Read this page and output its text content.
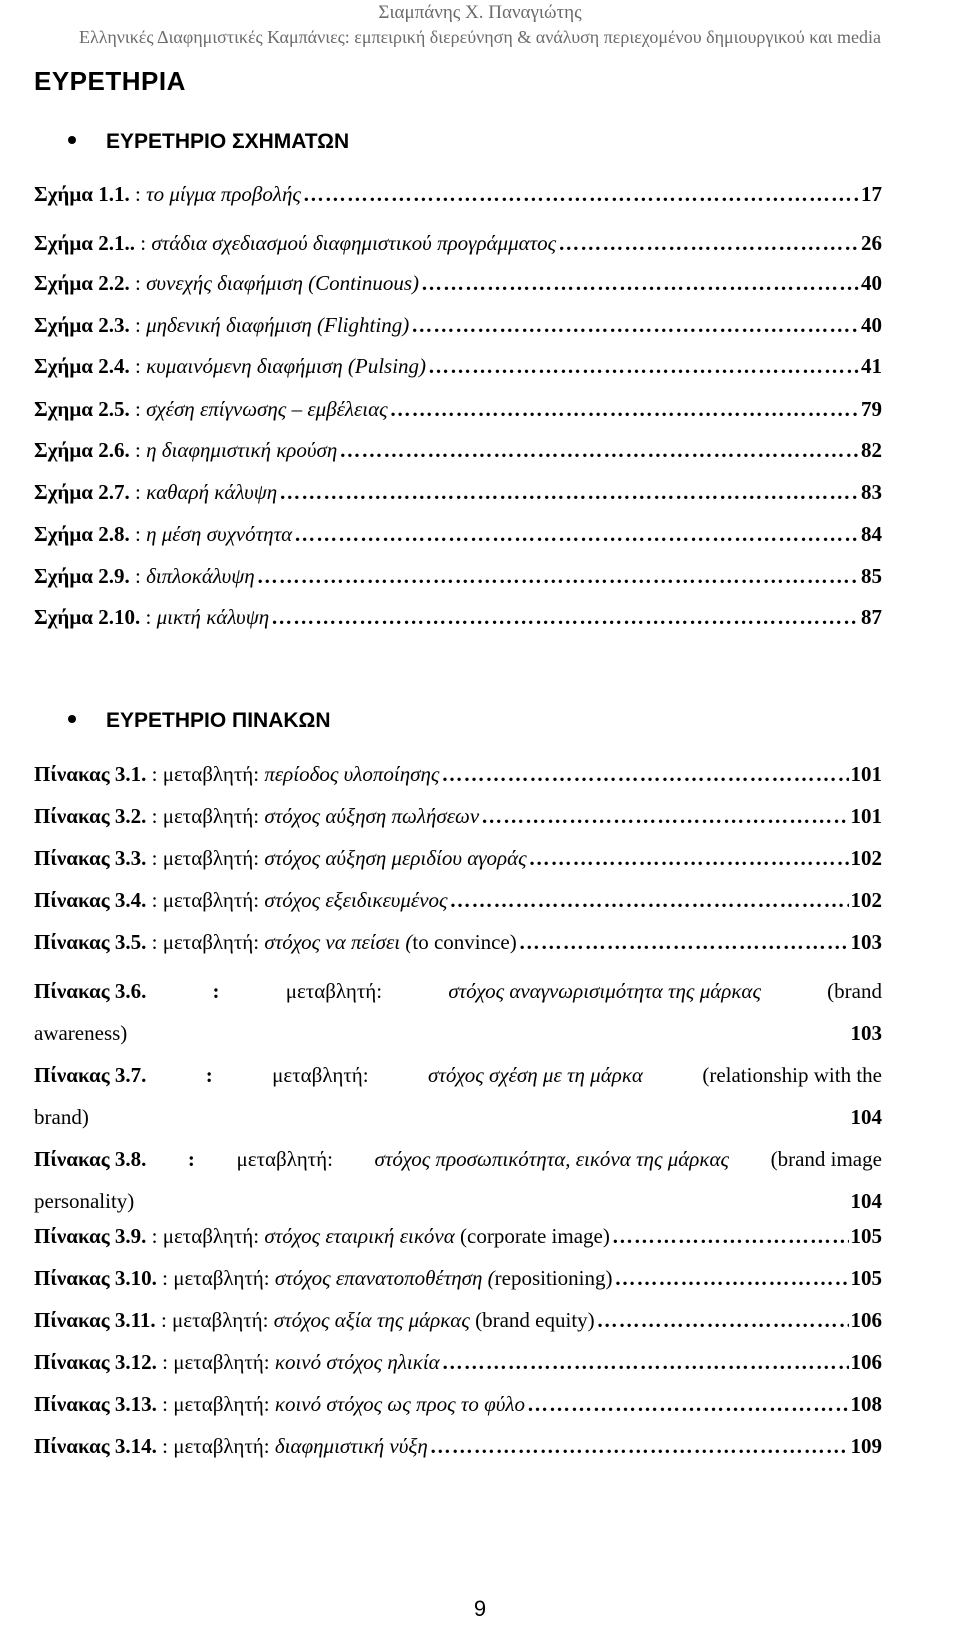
Σιαμπάνης Χ. Παναγιώτης
Ελληνικές Διαφημιστικές Καμπάνιες: εμπειρική διερεύνηση & ανάλυση περιεχομένου δημιουργικού και media
ΕΥΡΕΤΗΡΙΑ
ΕΥΡΕΤΗΡΙΟ ΣΧΗΜΑΤΩΝ
Σχήμα 1.1. : το μίγμα προβολής ……………………………………………………………………………………………………………………………………………………………………	17
Σχήμα 2.1.. : στάδια σχεδιασμού διαφημιστικού προγράμματος ……………………………………………………………………………………………………………………………………………………………………	26
Σχήμα 2.2. : συνεχής διαφήμιση (Continuous) ……………………………………………………………………………………………………………………………………………………………………	40
Σχήμα 2.3. : μηδενική διαφήμιση (Flighting) ……………………………………………………………………………………………………………………………………………………………………	40
Σχήμα 2.4. : κυμαινόμενη διαφήμιση (Pulsing) ……………………………………………………………………………………………………………………………………………………………………	41
Σχημα 2.5. : σχέση επίγνωσης – εμβέλειας ……………………………………………………………………………………………………………………………………………………………………	79
Σχήμα 2.6. : η διαφημιστική κρούση ……………………………………………………………………………………………………………………………………………………………………	82
Σχήμα 2.7. : καθαρή κάλυψη ……………………………………………………………………………………………………………………………………………………………………	83
Σχήμα 2.8. : η μέση συχνότητα ……………………………………………………………………………………………………………………………………………………………………	84
Σχήμα 2.9. : διπλοκάλυψη ……………………………………………………………………………………………………………………………………………………………………	85
Σχήμα 2.10. : μικτή κάλυψη ……………………………………………………………………………………………………………………………………………………………………	87
ΕΥΡΕΤΗΡΙΟ ΠΙΝΑΚΩΝ
Πίνακας 3.1. : μεταβλητή:
περίοδος υλοποίησης ……………………………………………………………………………………………………………………………………………………………………	101
Πίνακας 3.2. : μεταβλητή:
στόχος αύξηση πωλήσεων ……………………………………………………………………………………………………………………………………………………………………	101
Πίνακας 3.3. : μεταβλητή:
στόχος αύξηση μεριδίου αγοράς ……………………………………………………………………………………………………………………………………………………………………	102
Πίνακας 3.4. : μεταβλητή:
στόχος εξειδικευμένος ……………………………………………………………………………………………………………………………………………………………………	102
Πίνακας 3.5. : μεταβλητή:
στόχος να πείσει ( to convince) ……………………………………………………………………………………………………………………………………………………………………	103
Πίνακας 3.6.	:	μεταβλητή:	στόχος αναγνωρισιμότητα της μάρκας	(brand
awareness)	103
Πίνακας 3.7.	:	μεταβλητή:	στόχος σχέση με τη μάρκα	(relationship with the
brand)	104
Πίνακας 3.8. : μεταβλητή: στόχος προσωπικότητα, εικόνα της μάρκας (brand image
personality)	104
Πίνακας 3.9. : μεταβλητή:
στόχος εταιρική εικόνα
(corporate image) ……………………………………………………………………………………………………………………………………………………………………	105
Πίνακας 3.10. : μεταβλητή:
στόχος επανατοποθέτηση ( repositioning) ……………………………………………………………………………………………………………………………………………………………………	105
Πίνακας 3.11. : μεταβλητή:
στόχος αξία της μάρκας
(brand equity) ……………………………………………………………………………………………………………………………………………………………………	106
Πίνακας 3.12. : μεταβλητή:
κοινό στόχος ηλικία ……………………………………………………………………………………………………………………………………………………………………	106
Πίνακας 3.13. : μεταβλητή:
κοινό στόχος ως προς το φύλο ……………………………………………………………………………………………………………………………………………………………………	108
Πίνακας 3.14. : μεταβλητή:
διαφημιστική νύξη ……………………………………………………………………………………………………………………………………………………………………	109
9
